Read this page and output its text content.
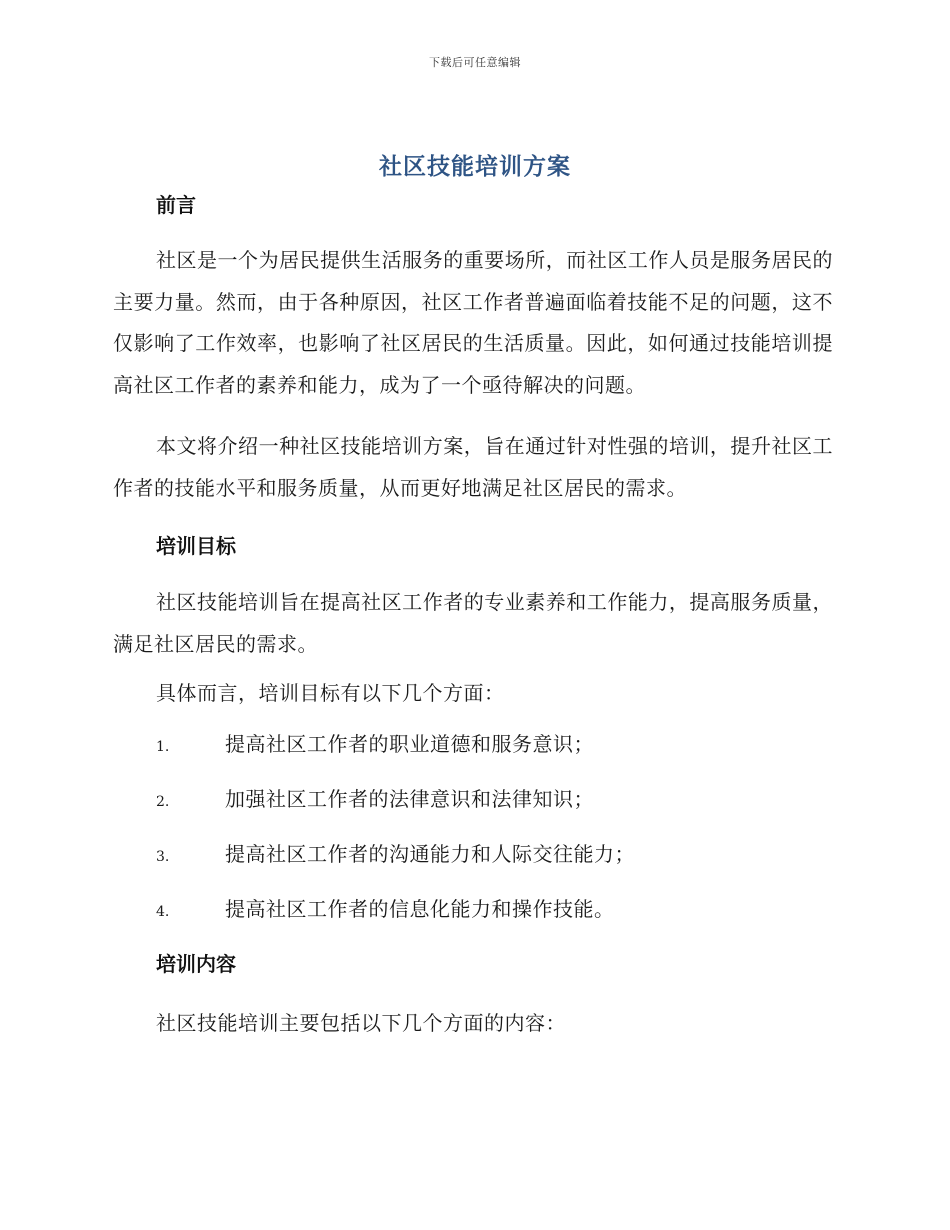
下载后可任意编辑
社区技能培训方案
前言

社区是一个为居民提供生活服务的重要场所，而社区工作人员是服务居民的主要力量。然而，由于各种原因，社区工作者普遍面临着技能不足的问题，这不仅影响了工作效率，也影响了社区居民的生活质量。因此，如何通过技能培训提高社区工作者的素养和能力，成为了一个亟待解决的问题。

本文将介绍一种社区技能培训方案，旨在通过针对性强的培训，提升社区工作者的技能水平和服务质量，从而更好地满足社区居民的需求。

培训目标

社区技能培训旨在提高社区工作者的专业素养和工作能力，提高服务质量，满足社区居民的需求。

具体而言，培训目标有以下几个方面：

1.	提高社区工作者的职业道德和服务意识；
2.	加强社区工作者的法律意识和法律知识；
3.	提高社区工作者的沟通能力和人际交往能力；
4.	提高社区工作者的信息化能力和操作技能。
培训内容

社区技能培训主要包括以下几个方面的内容：
